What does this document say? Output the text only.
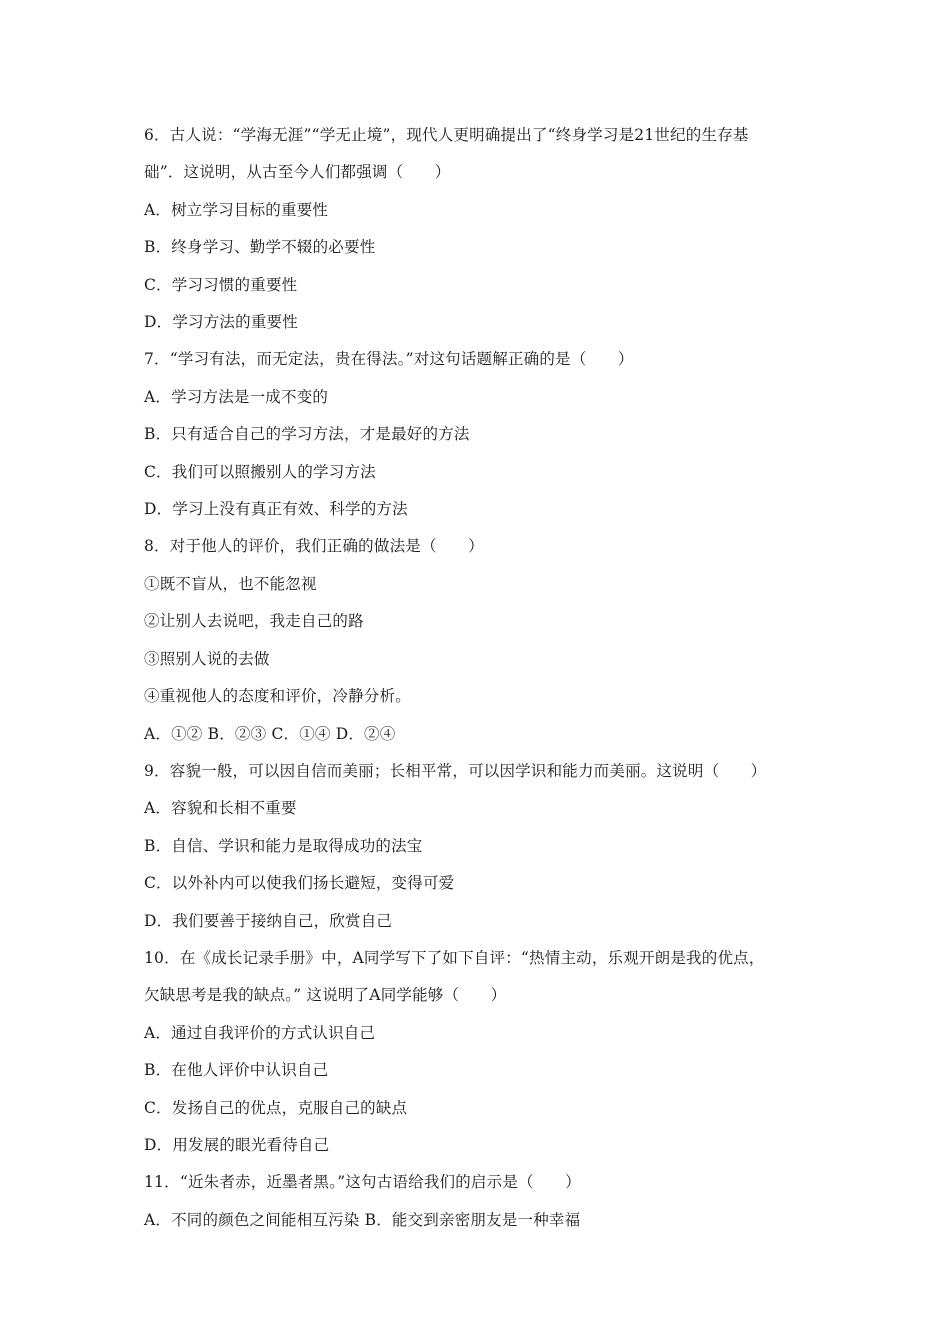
6．古人说：“学海无涯”“学无止境”，现代人更明确提出了“终身学习是21世纪的生存基
础”．这说明，从古至今人们都强调（　　）
A．树立学习目标的重要性
B．终身学习、勤学不辍的必要性
C．学习习惯的重要性
D．学习方法的重要性
7．“学习有法，而无定法，贵在得法。”对这句话题解正确的是（　　）
A．学习方法是一成不变的
B．只有适合自己的学习方法，才是最好的方法
C．我们可以照搬别人的学习方法
D．学习上没有真正有效、科学的方法
8．对于他人的评价，我们正确的做法是（　　）
①既不盲从，也不能忽视
②让别人去说吧，我走自己的路
③照别人说的去做
④重视他人的态度和评价，冷静分析。
A．①② B．②③ C．①④ D．②④
9．容貌一般，可以因自信而美丽；长相平常，可以因学识和能力而美丽。这说明（　　）
A．容貌和长相不重要
B．自信、学识和能力是取得成功的法宝
C．以外补内可以使我们扬长避短，变得可爱
D．我们要善于接纳自己，欣赏自己
10．在《成长记录手册》中，A同学写下了如下自评：“热情主动，乐观开朗是我的优点，
欠缺思考是我的缺点。” 这说明了A同学能够（　　）
A．通过自我评价的方式认识自己
B．在他人评价中认识自己
C．发扬自己的优点，克服自己的缺点
D．用发展的眼光看待自己
11．“近朱者赤，近墨者黑。”这句古语给我们的启示是（　　）
A．不同的颜色之间能相互污染 B．能交到亲密朋友是一种幸福
